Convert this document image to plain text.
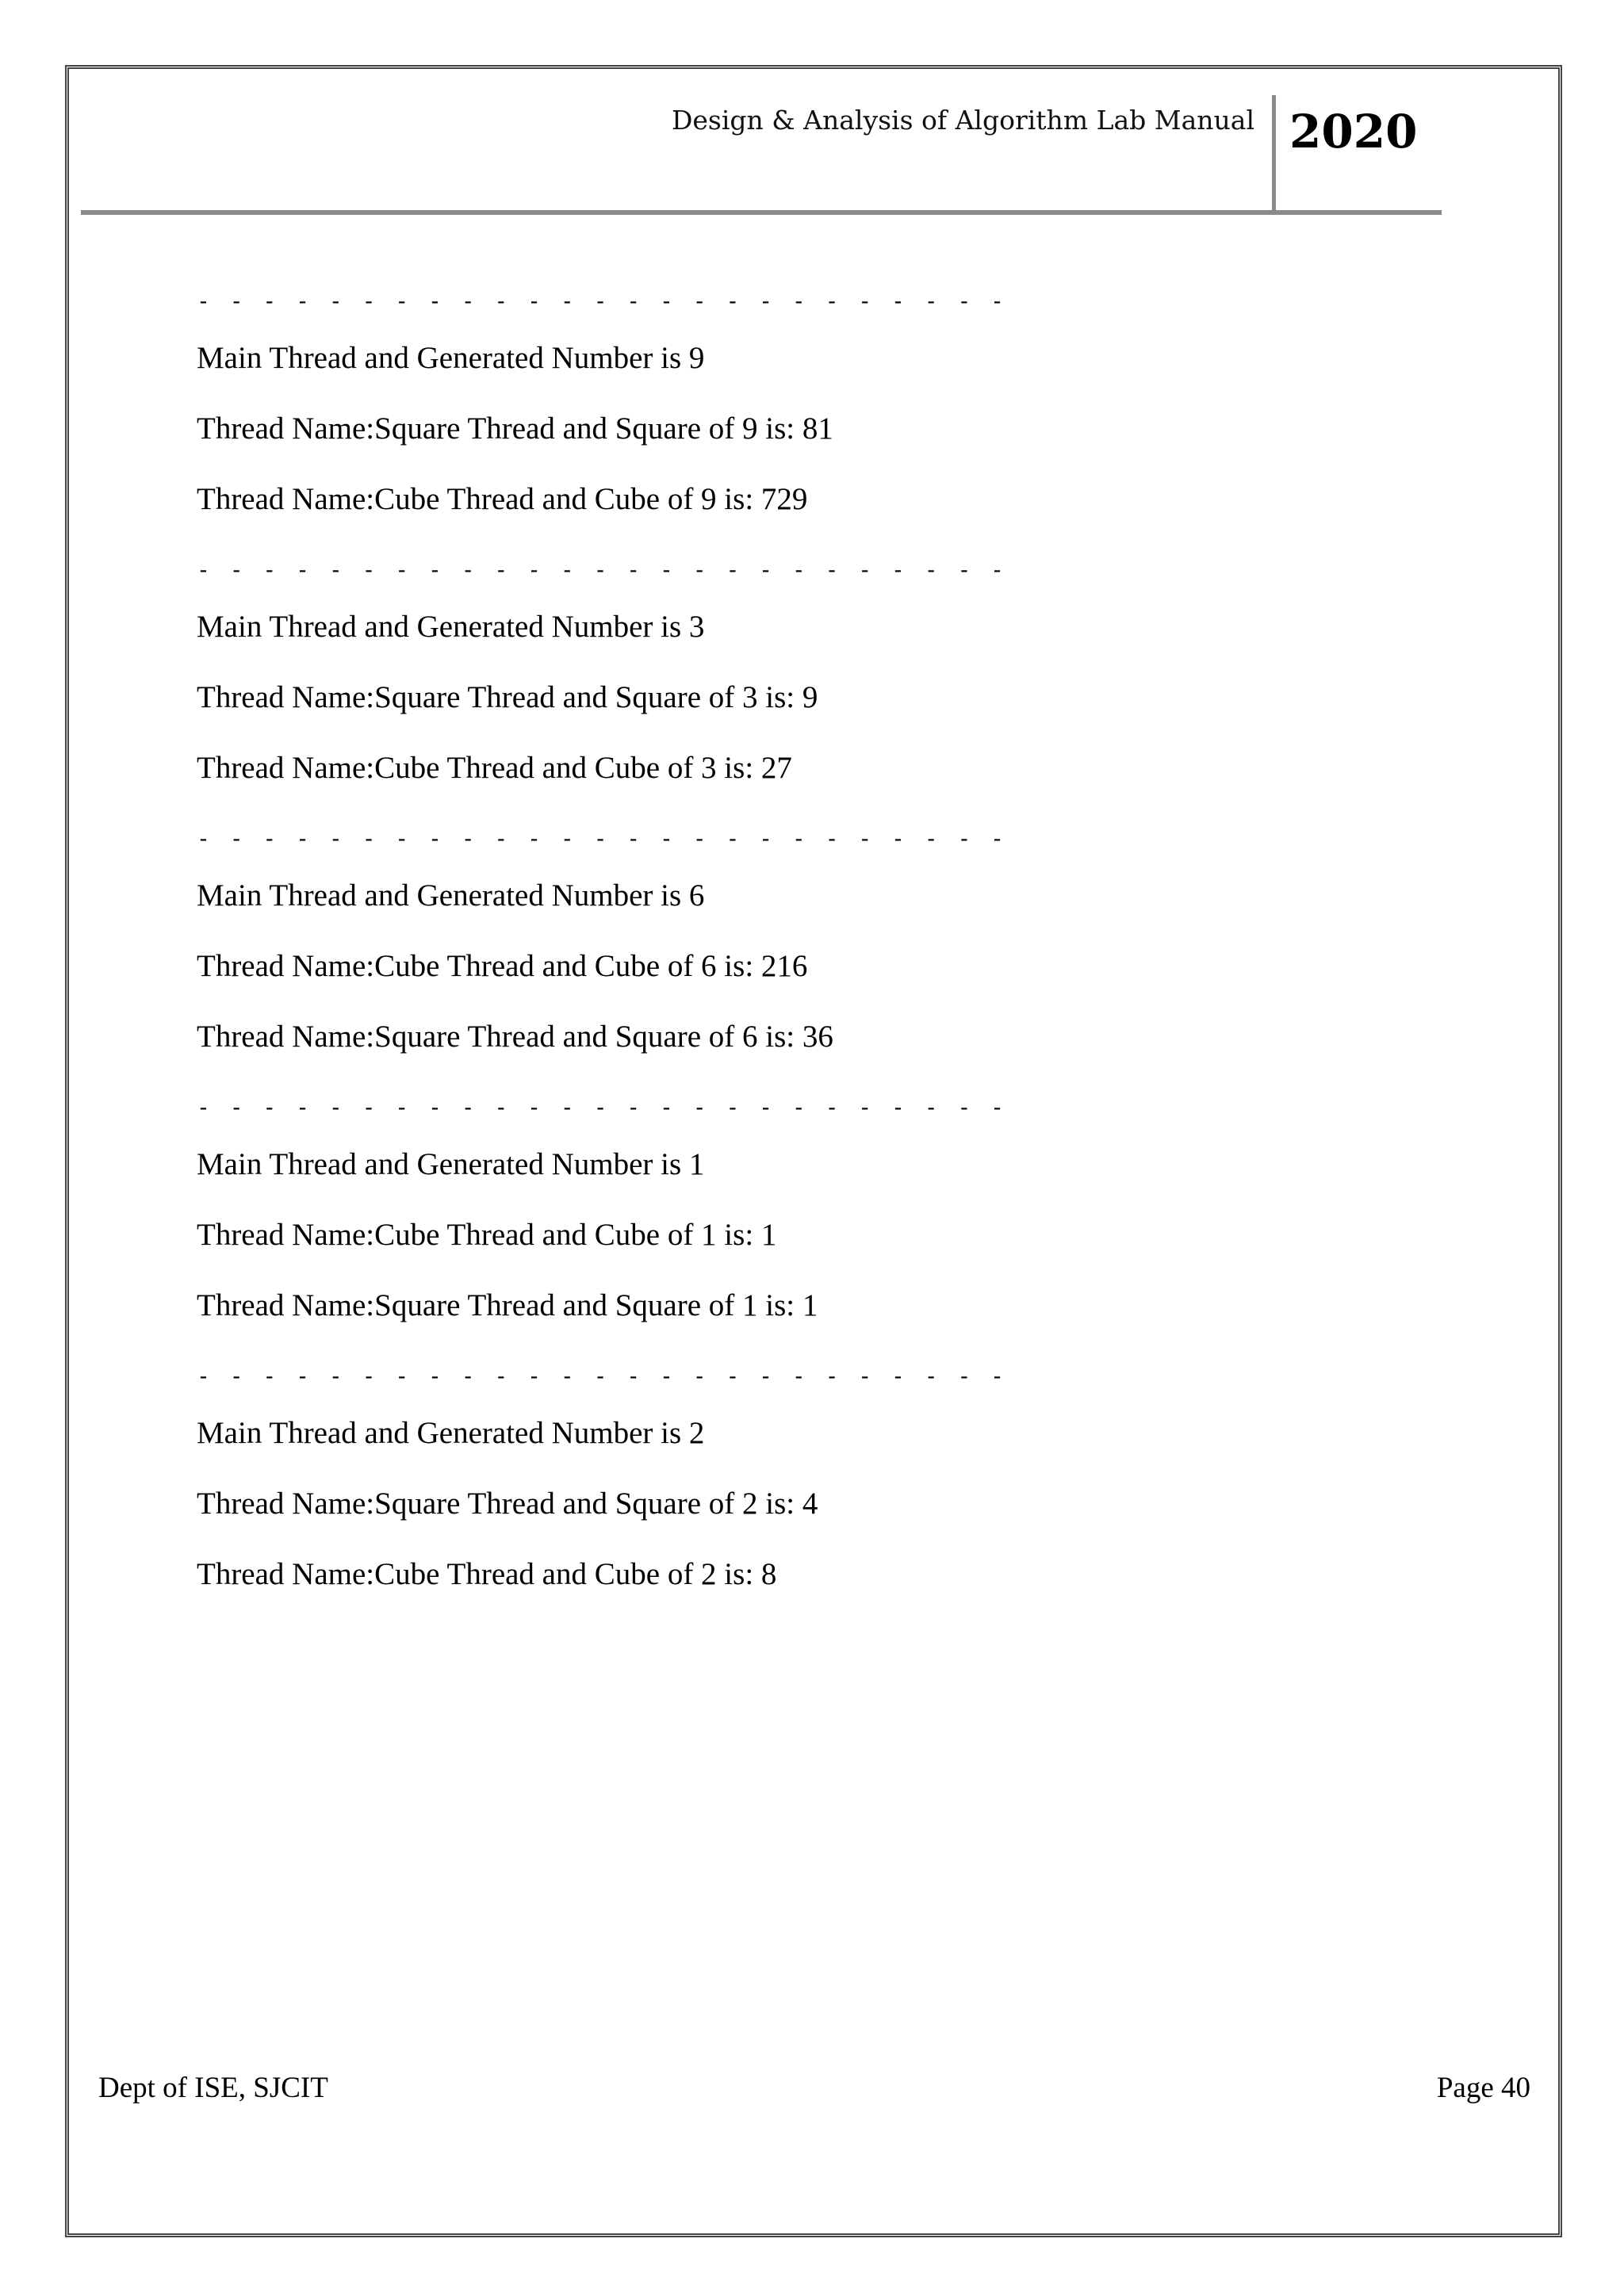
Design & Analysis of Algorithm Lab Manual 2020
- - - - - - - - - - - - - - - - - - - - - - - - -
Main Thread and Generated Number is 9
Thread Name:Square Thread and Square of 9 is: 81
Thread Name:Cube Thread and Cube of 9 is: 729
- - - - - - - - - - - - - - - - - - - - - - - - -
Main Thread and Generated Number is 3
Thread Name:Square Thread and Square of 3 is: 9
Thread Name:Cube Thread and Cube of 3 is: 27
- - - - - - - - - - - - - - - - - - - - - - - - -
Main Thread and Generated Number is 6
Thread Name:Cube Thread and Cube of 6 is: 216
Thread Name:Square Thread and Square of 6 is: 36
- - - - - - - - - - - - - - - - - - - - - - - - -
Main Thread and Generated Number is 1
Thread Name:Cube Thread and Cube of 1 is: 1
Thread Name:Square Thread and Square of 1 is: 1
- - - - - - - - - - - - - - - - - - - - - - - - -
Main Thread and Generated Number is 2
Thread Name:Square Thread and Square of 2 is: 4
Thread Name:Cube Thread and Cube of 2 is: 8
Dept of ISE, SJCIT	Page 40
